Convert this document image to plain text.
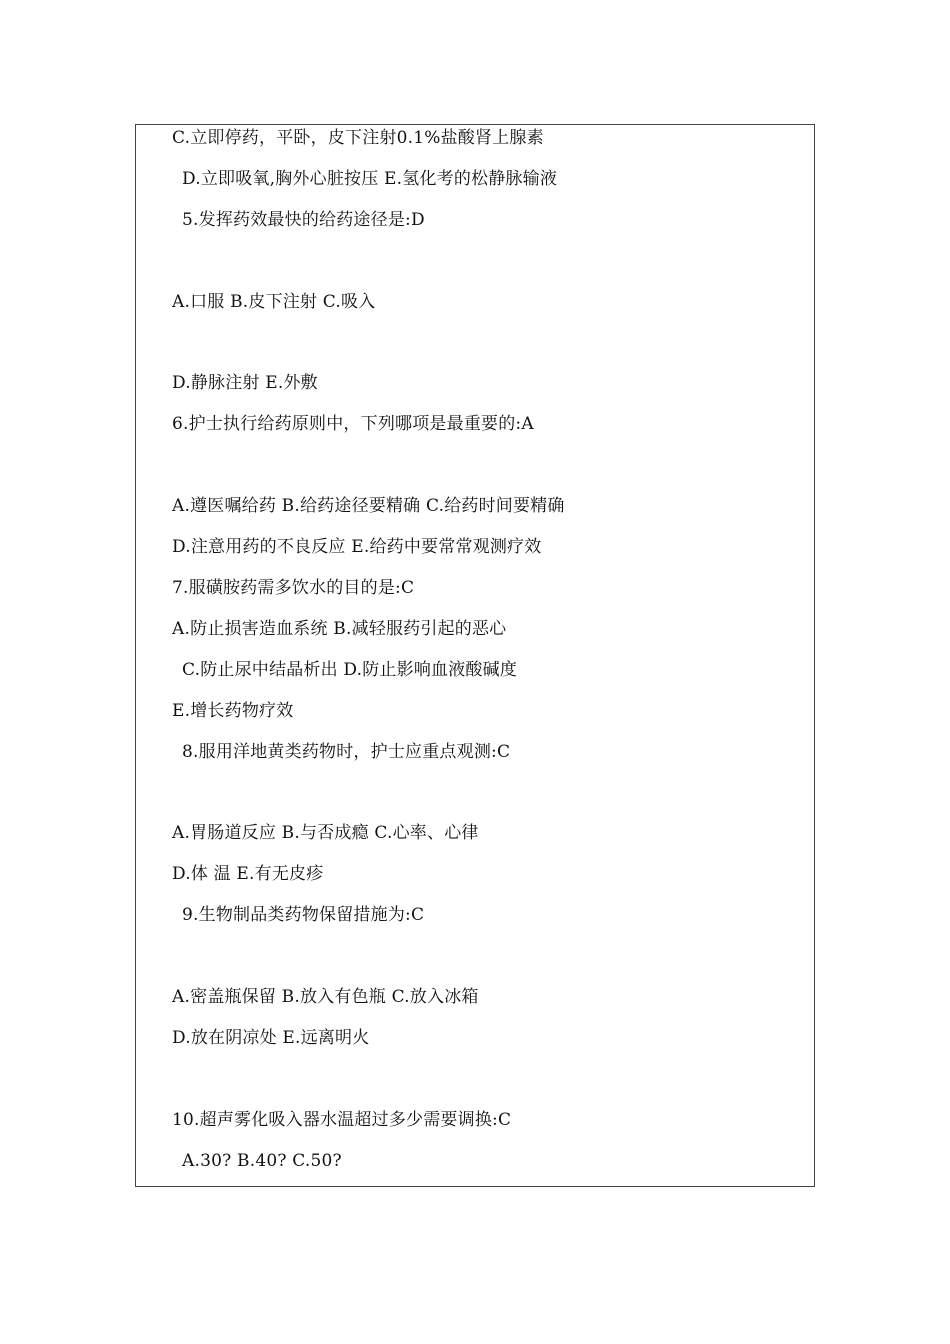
C.立即停药，平卧，皮下注射0.1%盐酸肾上腺素
D.立即吸氧,胸外心脏按压 E.氢化考的松静脉输液
5.发挥药效最快的给药途径是:D
A.口服 B.皮下注射 C.吸入
D.静脉注射 E.外敷
6.护士执行给药原则中，下列哪项是最重要的:A
A.遵医嘱给药 B.给药途径要精确 C.给药时间要精确
D.注意用药的不良反应 E.给药中要常常观测疗效
7.服磺胺药需多饮水的目的是:C
A.防止损害造血系统 B.减轻服药引起的恶心
C.防止尿中结晶析出 D.防止影响血液酸碱度
E.增长药物疗效
8.服用洋地黄类药物时，护士应重点观测:C
A.胃肠道反应 B.与否成瘾 C.心率、心律
D.体 温 E.有无皮疹
9.生物制品类药物保留措施为:C
A.密盖瓶保留 B.放入有色瓶 C.放入冰箱
D.放在阴凉处 E.远离明火
10.超声雾化吸入器水温超过多少需要调换:C
A.30? B.40? C.50?
